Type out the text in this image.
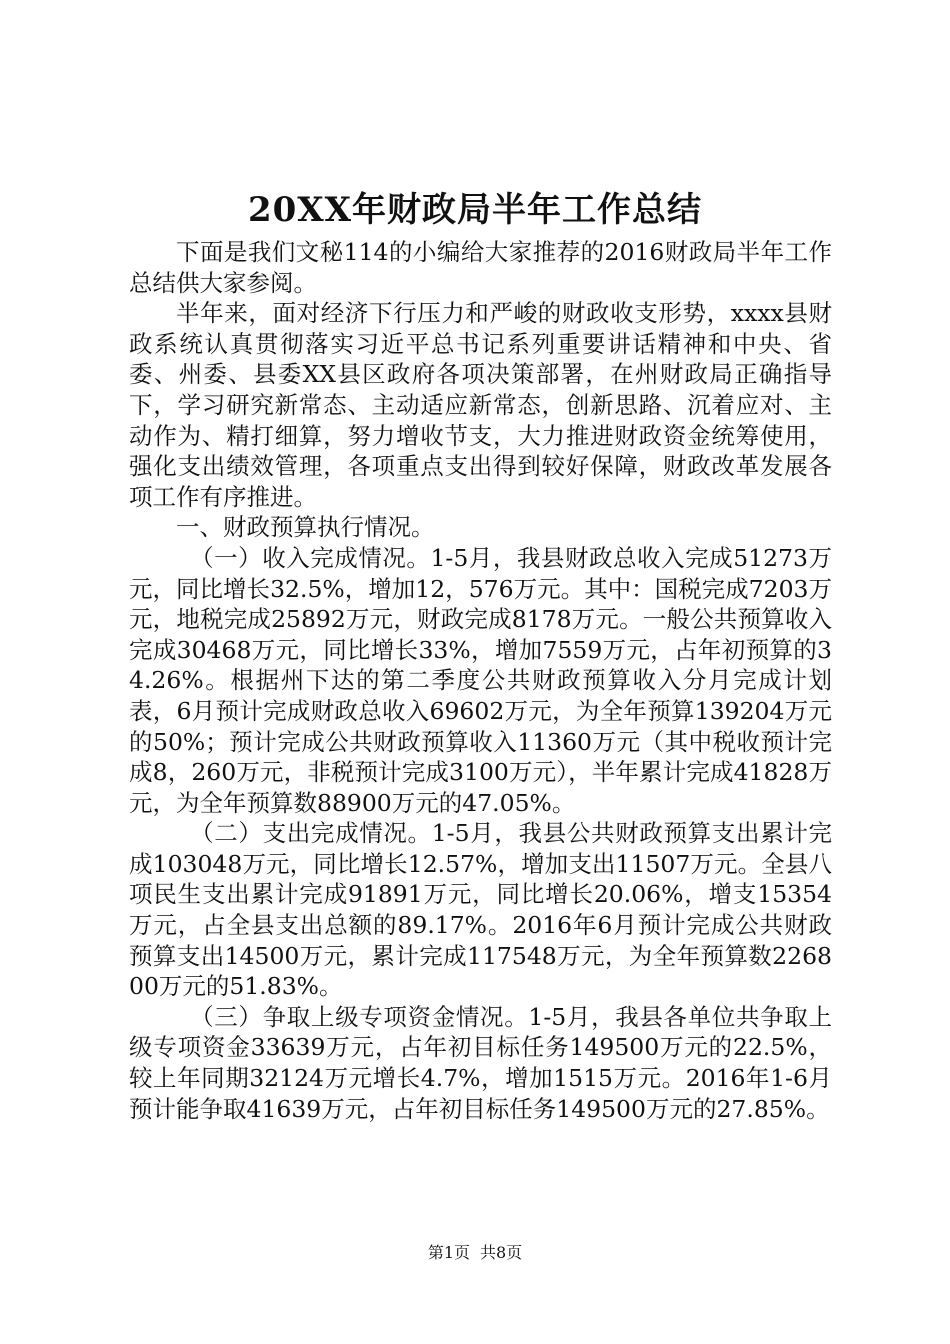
20XX年财政局半年工作总结

下面是我们文秘114的小编给大家推荐的2016财政局半年工作总结供大家参阅。

半年来，面对经济下行压力和严峻的财政收支形势，xxxx县财政系统认真贯彻落实习近平总书记系列重要讲话精神和中央、省委、州委、县委XX县区政府各项决策部署，在州财政局正确指导下，学习研究新常态、主动适应新常态，创新思路、沉着应对、主动作为、精打细算，努力增收节支，大力推进财政资金统筹使用，强化支出绩效管理，各项重点支出得到较好保障，财政改革发展各项工作有序推进。

一、财政预算执行情况。

（一）收入完成情况。1-5月，我县财政总收入完成51273万元，同比增长32.5%，增加12，576万元。其中：国税完成7203万元，地税完成25892万元，财政完成8178万元。一般公共预算收入完成30468万元，同比增长33%，增加7559万元，占年初预算的34.26%。根据州下达的第二季度公共财政预算收入分月完成计划表，6月预计完成财政总收入69602万元，为全年预算139204万元的50%；预计完成公共财政预算收入11360万元（其中税收预计完成8，260万元，非税预计完成3100万元），半年累计完成41828万元，为全年预算数88900万元的47.05%。

（二）支出完成情况。1-5月，我县公共财政预算支出累计完成103048万元，同比增长12.57%，增加支出11507万元。全县八项民生支出累计完成91891万元，同比增长20.06%，增支15354万元，占全县支出总额的89.17%。2016年6月预计完成公共财政预算支出14500万元，累计完成117548万元，为全年预算数226800万元的51.83%。

（三）争取上级专项资金情况。1-5月，我县各单位共争取上级专项资金33639万元，占年初目标任务149500万元的22.5%，较上年同期32124万元增长4.7%，增加1515万元。2016年1-6月预计能争取41639万元，占年初目标任务149500万元的27.85%。

第1页 共8页
